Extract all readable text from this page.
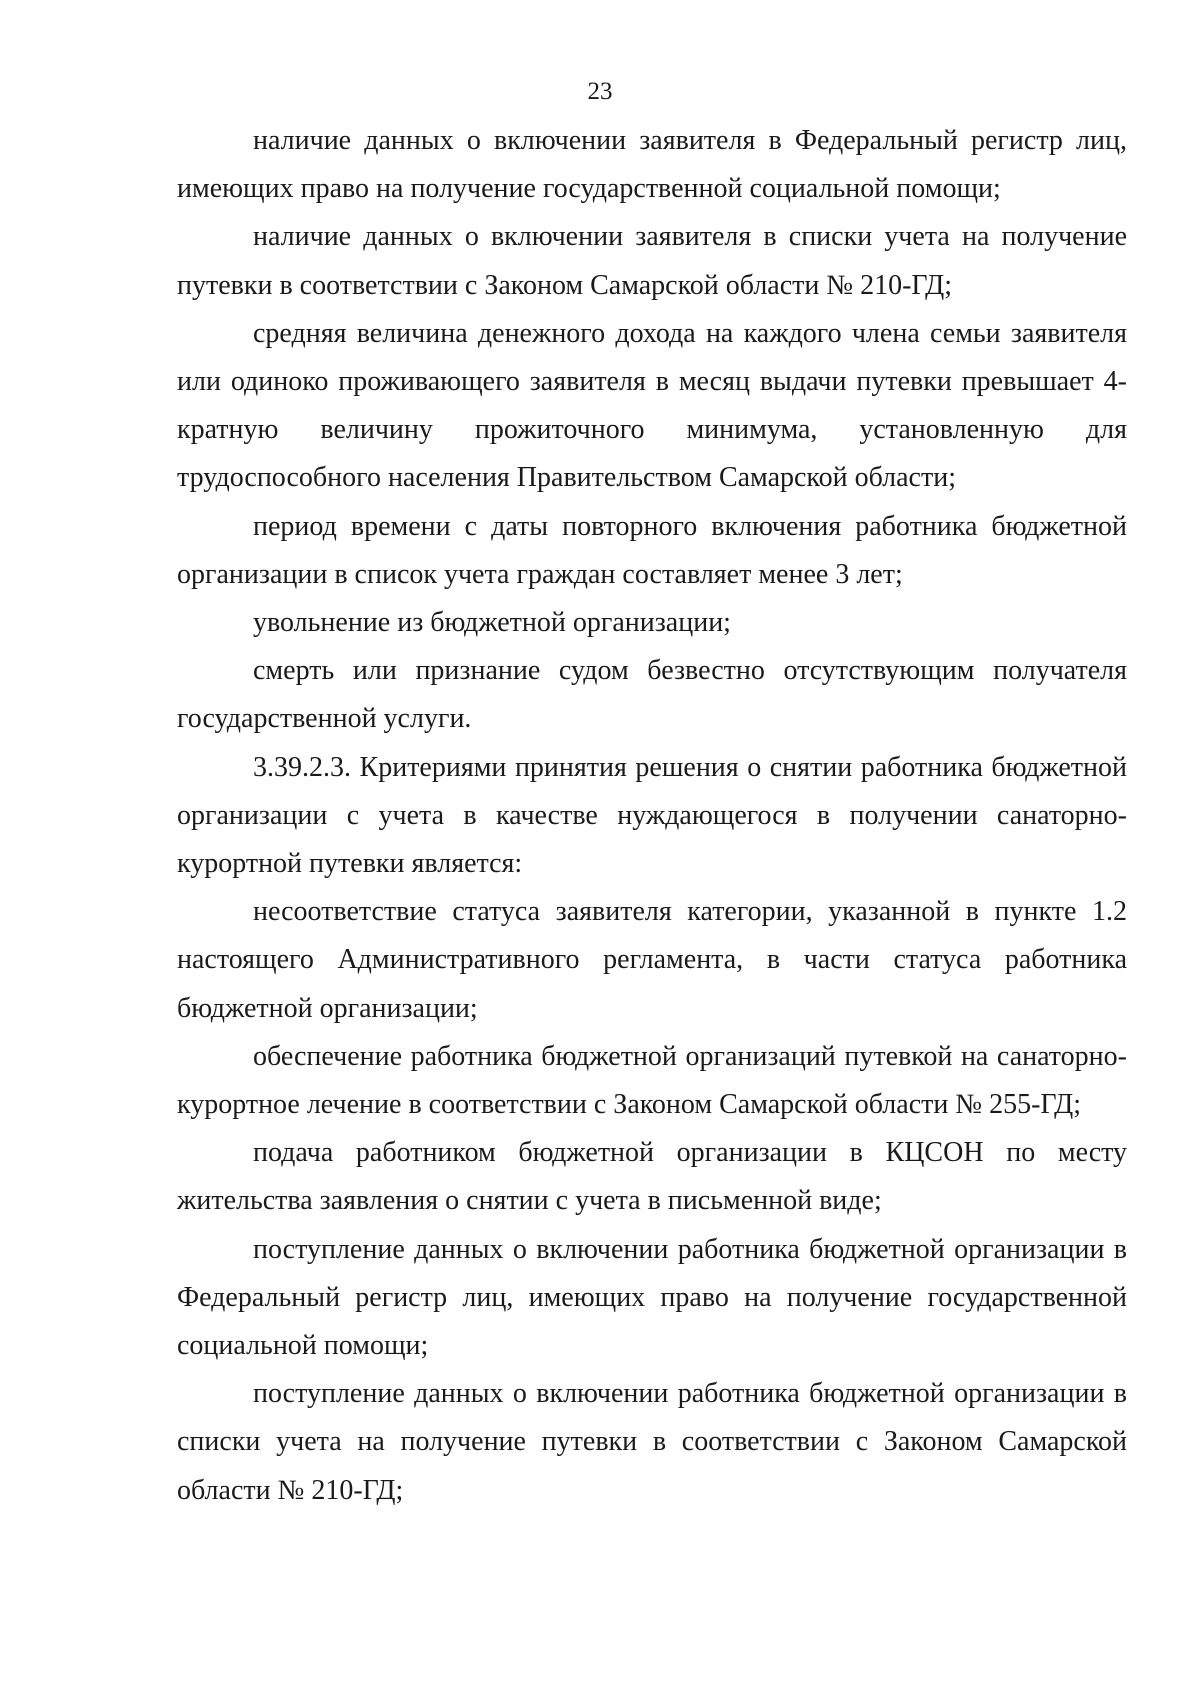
23

наличие данных о включении заявителя в Федеральный регистр лиц, имеющих право на получение государственной социальной помощи;

наличие данных о включении заявителя в списки учета на получение путевки в соответствии с Законом Самарской области № 210-ГД;

средняя величина денежного дохода на каждого члена семьи заявителя или одиноко проживающего заявителя в месяц выдачи путевки превышает 4-кратную величину прожиточного минимума, установленную для трудоспособного населения Правительством Самарской области;

период времени с даты повторного включения работника бюджетной организации в список учета граждан составляет менее 3 лет;

увольнение из бюджетной организации;

смерть или признание судом безвестно отсутствующим получателя государственной услуги.

3.39.2.3. Критериями принятия решения о снятии работника бюджетной организации с учета в качестве нуждающегося в получении санаторно-курортной путевки является:

несоответствие статуса заявителя категории, указанной в пункте 1.2 настоящего Административного регламента, в части статуса работника бюджетной организации;

обеспечение работника бюджетной организаций путевкой на санаторно-курортное лечение в соответствии с Законом Самарской области № 255-ГД;

подача работником бюджетной организации в КЦСОН по месту жительства заявления о снятии с учета в письменной виде;

поступление данных о включении работника бюджетной организации в Федеральный регистр лиц, имеющих право на получение государственной социальной помощи;

поступление данных о включении работника бюджетной организации в списки учета на получение путевки в соответствии с Законом Самарской области № 210-ГД;
